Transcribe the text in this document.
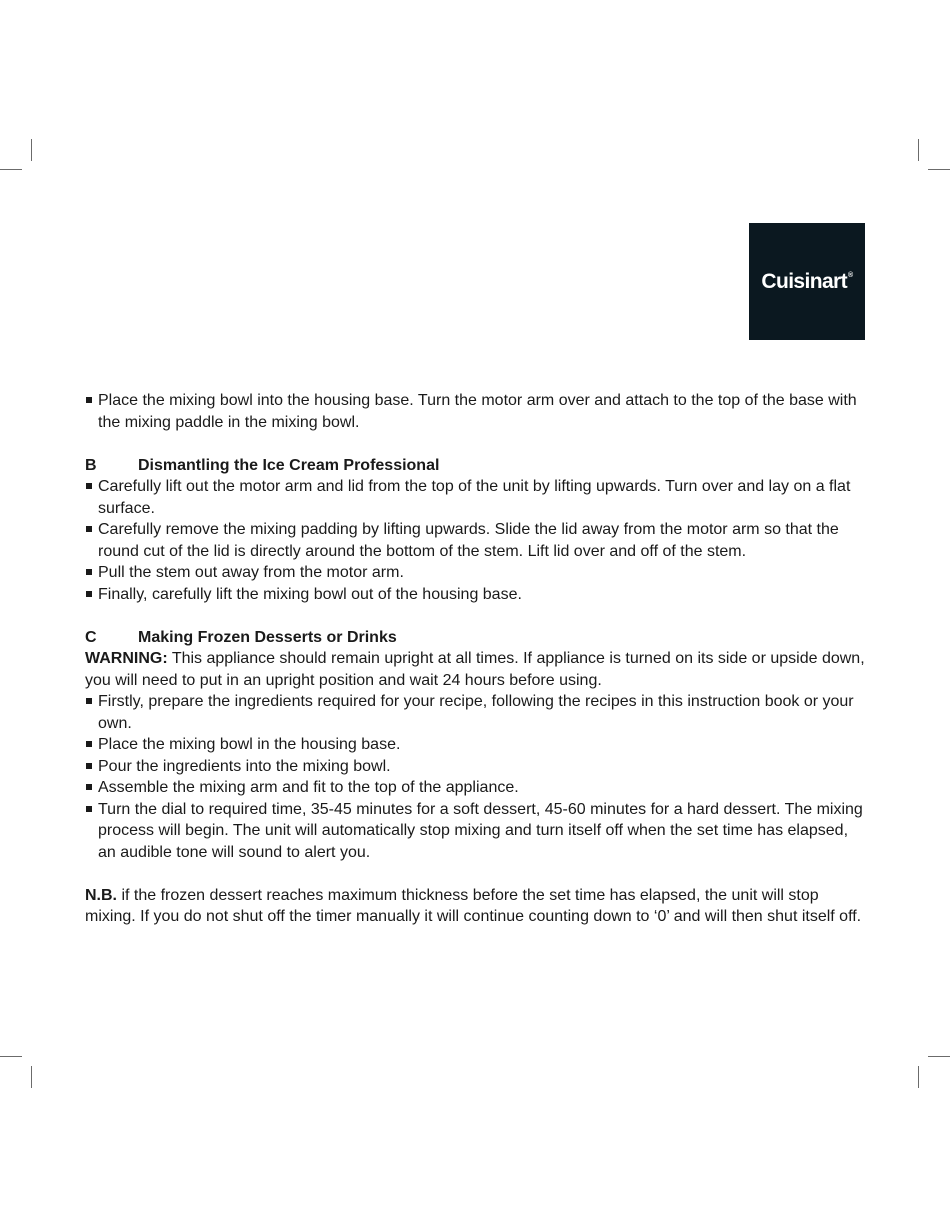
Cuisinart®
Place the mixing bowl into the housing base. Turn the motor arm over and attach to the top of the base with the mixing paddle in the mixing bowl.
B	Dismantling the Ice Cream Professional
Carefully lift out the motor arm and lid from the top of the unit by lifting upwards. Turn over and lay on a flat surface.
Carefully remove the mixing padding by lifting upwards. Slide the lid away from the motor arm so that the round cut of the lid is directly around the bottom of the stem. Lift lid over and off of the stem.
Pull the stem out away from the motor arm.
Finally, carefully lift the mixing bowl out of the housing base.
C	Making Frozen Desserts or Drinks
WARNING: This appliance should remain upright at all times. If appliance is turned on its side or upside down, you will need to put in an upright position and wait 24 hours before using.
Firstly, prepare the ingredients required for your recipe, following the recipes in this instruction book or your own.
Place the mixing bowl in the housing base.
Pour the ingredients into the mixing bowl.
Assemble the mixing arm and fit to the top of the appliance.
Turn the dial to required time, 35-45 minutes for a soft dessert, 45-60 minutes for a hard dessert. The mixing process will begin. The unit will automatically stop mixing and turn itself off when the set time has elapsed, an audible tone will sound to alert you.
N.B. if the frozen dessert reaches maximum thickness before the set time has elapsed, the unit will stop mixing. If you do not shut off the timer manually it will continue counting down to ‘0’ and will then shut itself off.
